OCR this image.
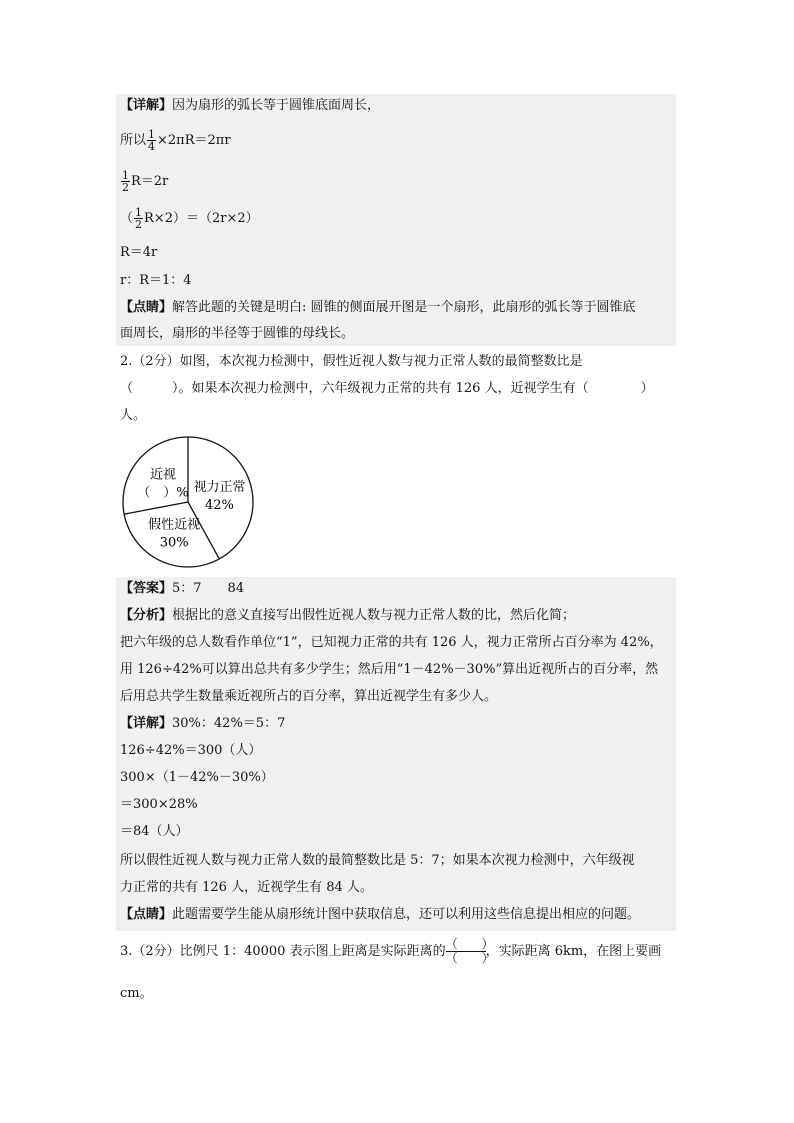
【详解】因为扇形的弧长等于圆锥底面周长，
所以 $\frac{1}{4} \times 2\pi R=2\pi r$
$\frac{1}{2} R=2r$
（ $\frac{1}{2} R\times 2)=(2r\times 2)$
R＝4r
r：R＝1：4
【点睛】解答此题的关键是明白: 圆锥的侧面展开图是一个扇形，此扇形的弧长等于圆锥底
面周长，扇形的半径等于圆锥的母线长。
2.（2分）如图，本次视力检测中，假性近视人数与视力正常人数的最简整数比是
（　　　）。如果本次视力检测中，六年级视力正常的共有 126 人，近视学生有（　　　　）
人。
视力正常
42%
假性近视
30%
近视
（　）%
【答案】5：7　　84
【分析】根据比的意义直接写出假性近视人数与视力正常人数的比，然后化简；
把六年级的总人数看作单位“1”，已知视力正常的共有 126 人，视力正常所占百分率为 42%，
用 126÷42%可以算出总共有多少学生；然后用“1－42%－30%”算出近视所占的百分率，然
后用总共学生数量乘近视所占的百分率，算出近视学生有多少人。
【详解】30%：42%＝5：7
126÷42%＝300（人）
300×（1－42%－30%）
＝300×28%
＝84（人）
所以假性近视人数与视力正常人数的最简整数比是 5：7；如果本次视力检测中，六年级视
力正常的共有 126 人，近视学生有 84 人。
【点睛】此题需要学生能从扇形统计图中获取信息，还可以利用这些信息提出相应的问题。
3.（2分）比例尺 1：40000 表示图上距离是实际距离的 $\frac{( )}{( )}$ ，实际距离 6km，在图上要画
cm。
